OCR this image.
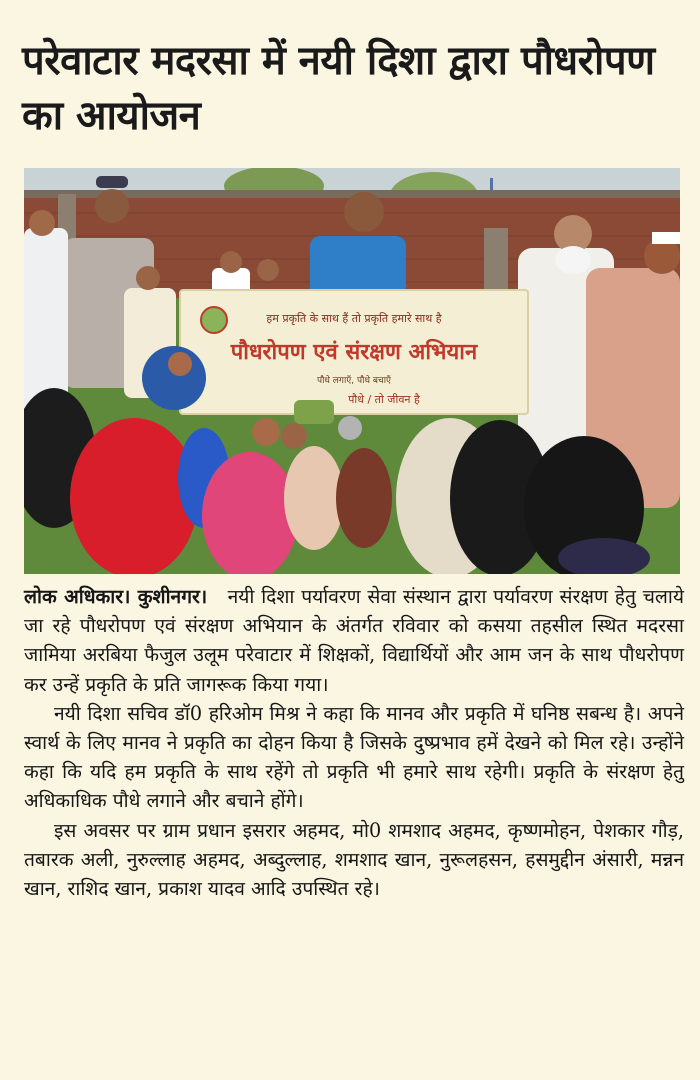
परेवाटार मदरसा में नयी दिशा द्वारा पौधरोपण का आयोजन
हम प्रकृति के साथ हैं तो प्रकृति हमारे साथ है
पौधरोपण एवं संरक्षण अभियान
पौधे लगाएँ, पौधे बचाएँ
पौधे / तो जीवन है

लोक अधिकार। कुशीनगर। नयी दिशा पर्यावरण सेवा संस्थान द्वारा पर्यावरण संरक्षण हेतु चलाये जा रहे पौधरोपण एवं संरक्षण अभियान के अंतर्गत रविवार को कसया तहसील स्थित मदरसा जामिया अरबिया फैजुल उलूम परेवाटार में शिक्षकों, विद्यार्थियों और आम जन के साथ पौधरोपण कर उन्हें प्रकृति के प्रति जागरूक किया गया।

नयी दिशा सचिव डॉ0 हरिओम मिश्र ने कहा कि मानव और प्रकृति में घनिष्ठ सबन्ध है। अपने स्वार्थ के लिए मानव ने प्रकृति का दोहन किया है जिसके दुष्प्रभाव हमें देखने को मिल रहे। उन्होंने कहा कि यदि हम प्रकृति के साथ रहेंगे तो प्रकृति भी हमारे साथ रहेगी। प्रकृति के संरक्षण हेतु अधिकाधिक पौधे लगाने और बचाने होंगे।

इस अवसर पर ग्राम प्रधान इसरार अहमद, मो0 शमशाद अहमद, कृष्णमोहन, पेशकार गौड़, तबारक अली, नुरुल्लाह अहमद, अब्दुल्लाह, शमशाद खान, नुरूलहसन, हसमुद्दीन अंसारी, मन्नन खान, राशिद खान, प्रकाश यादव आदि उपस्थित रहे।
